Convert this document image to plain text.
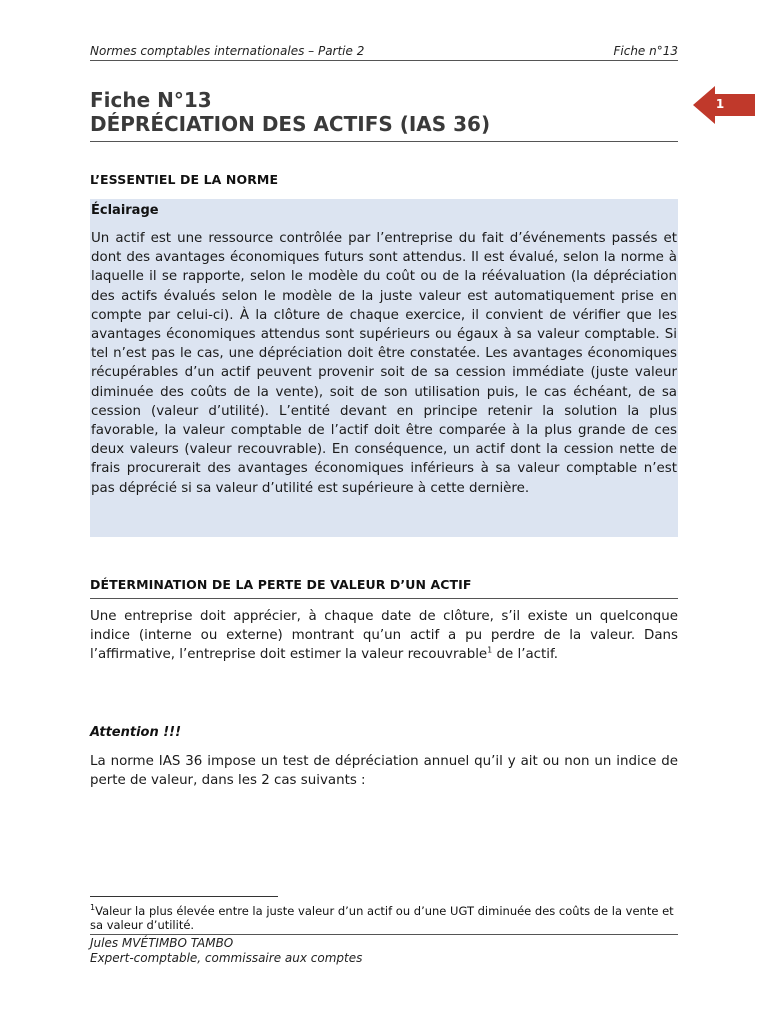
Normes comptables internationales – Partie 2	Fiche n°13
Fiche N°13
DÉPRÉCIATION DES ACTIFS (IAS 36)
1
L’ESSENTIEL DE LA NORME
Éclairage
Un actif est une ressource contrôlée par l’entreprise du fait d’événements passés et dont des avantages économiques futurs sont attendus. Il est évalué, selon la norme à laquelle il se rapporte, selon le modèle du coût ou de la réévaluation (la dépréciation des actifs évalués selon le modèle de la juste valeur est automatiquement prise en compte par celui-ci). À la clôture de chaque exercice, il convient de vérifier que les avantages économiques attendus sont supérieurs ou égaux à sa valeur comptable. Si tel n’est pas le cas, une dépréciation doit être constatée. Les avantages économiques récupérables d’un actif peuvent provenir soit de sa cession immédiate (juste valeur diminuée des coûts de la vente), soit de son utilisation puis, le cas échéant, de sa cession (valeur d’utilité). L’entité devant en principe retenir la solution la plus favorable, la valeur comptable de l’actif doit être comparée à la plus grande de ces deux valeurs (valeur recouvrable). En conséquence, un actif dont la cession nette de frais procurerait des avantages économiques inférieurs à sa valeur comptable n’est pas déprécié si sa valeur d’utilité est supérieure à cette dernière.
DÉTERMINATION DE LA PERTE DE VALEUR D’UN ACTIF
Une entreprise doit apprécier, à chaque date de clôture, s’il existe un quelconque indice (interne ou externe) montrant qu’un actif a pu perdre de la valeur. Dans l’affirmative, l’entreprise doit estimer la valeur recouvrable$^1$ de l’actif.
Attention !!!
La norme IAS 36 impose un test de dépréciation annuel qu’il y ait ou non un indice de perte de valeur, dans les 2 cas suivants :
$^1$Valeur la plus élevée entre la juste valeur d’un actif ou d’une UGT diminuée des coûts de la vente et sa valeur d’utilité.
Jules MVÉTIMBO TAMBO
Expert-comptable, commissaire aux comptes
